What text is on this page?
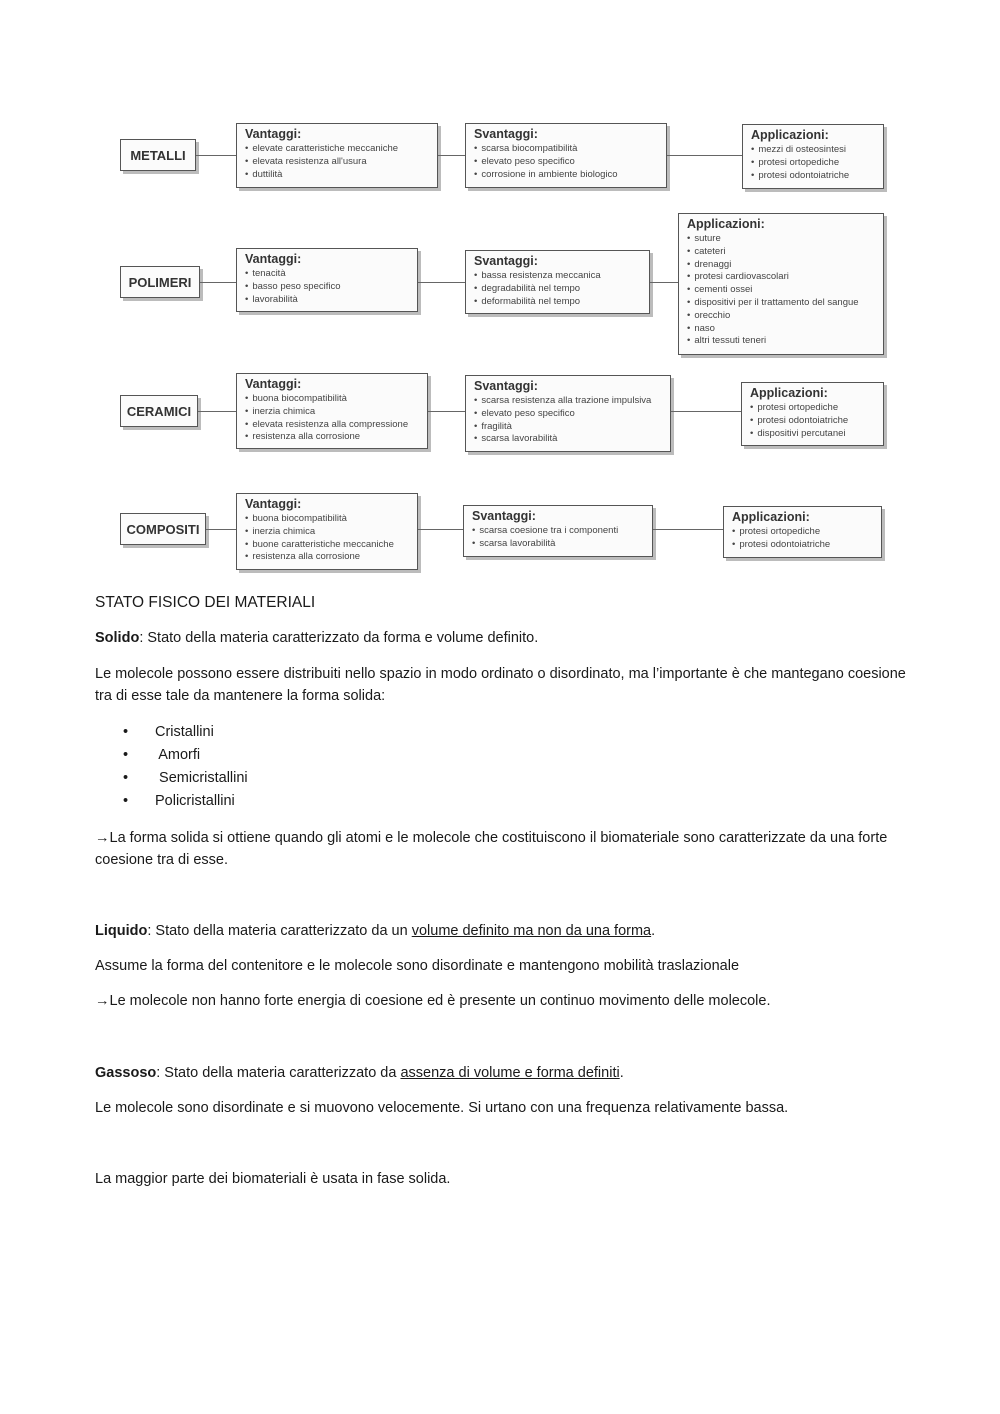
METALLI
Vantaggi:
• elevate caratteristiche meccaniche
• elevata resistenza all'usura
• duttilità
Svantaggi:
• scarsa biocompatibilità
• elevato peso specifico
• corrosione in ambiente biologico
Applicazioni:
• mezzi di osteosintesi
• protesi ortopediche
• protesi odontoiatriche
POLIMERI
Vantaggi:
• tenacità
• basso peso specifico
• lavorabilità
Svantaggi:
• bassa resistenza meccanica
• degradabilità nel tempo
• deformabilità nel tempo
Applicazioni:
• suture
• cateteri
• drenaggi
• protesi cardiovascolari
• cementi ossei
• dispositivi per il trattamento del sangue
• orecchio
• naso
• altri tessuti teneri
CERAMICI
Vantaggi:
• buona biocompatibilità
• inerzia chimica
• elevata resistenza alla compressione
• resistenza alla corrosione
Svantaggi:
• scarsa resistenza alla trazione impulsiva
• elevato peso specifico
• fragilità
• scarsa lavorabilità
Applicazioni:
• protesi ortopediche
• protesi odontoiatriche
• dispositivi percutanei
COMPOSITI
Vantaggi:
• buona biocompatibilità
• inerzia chimica
• buone caratteristiche meccaniche
• resistenza alla corrosione
Svantaggi:
• scarsa coesione tra i componenti
• scarsa lavorabilità
Applicazioni:
• protesi ortopediche
• protesi odontoiatriche
STATO FISICO DEI MATERIALI
Solido: Stato della materia caratterizzato da forma e volume definito.
Le molecole possono essere distribuiti nello spazio in modo ordinato o disordinato, ma l’importante è che mantegano coesione tra di esse tale da mantenere la forma solida:
• Cristallini
• Amorfi
• Semicristallini
• Policristallini
→La forma solida si ottiene quando gli atomi e le molecole che costituiscono il biomateriale sono caratterizzate da una forte coesione tra di esse.
Liquido: Stato della materia caratterizzato da un volume definito ma non da una forma.
Assume la forma del contenitore e le molecole sono disordinate e mantengono mobilità traslazionale
→Le molecole non hanno forte energia di coesione ed è presente un continuo movimento delle molecole.
Gassoso: Stato della materia caratterizzato da assenza di volume e forma definiti.
Le molecole sono disordinate e si muovono velocemente. Si urtano con una frequenza relativamente bassa.
La maggior parte dei biomateriali è usata in fase solida.
